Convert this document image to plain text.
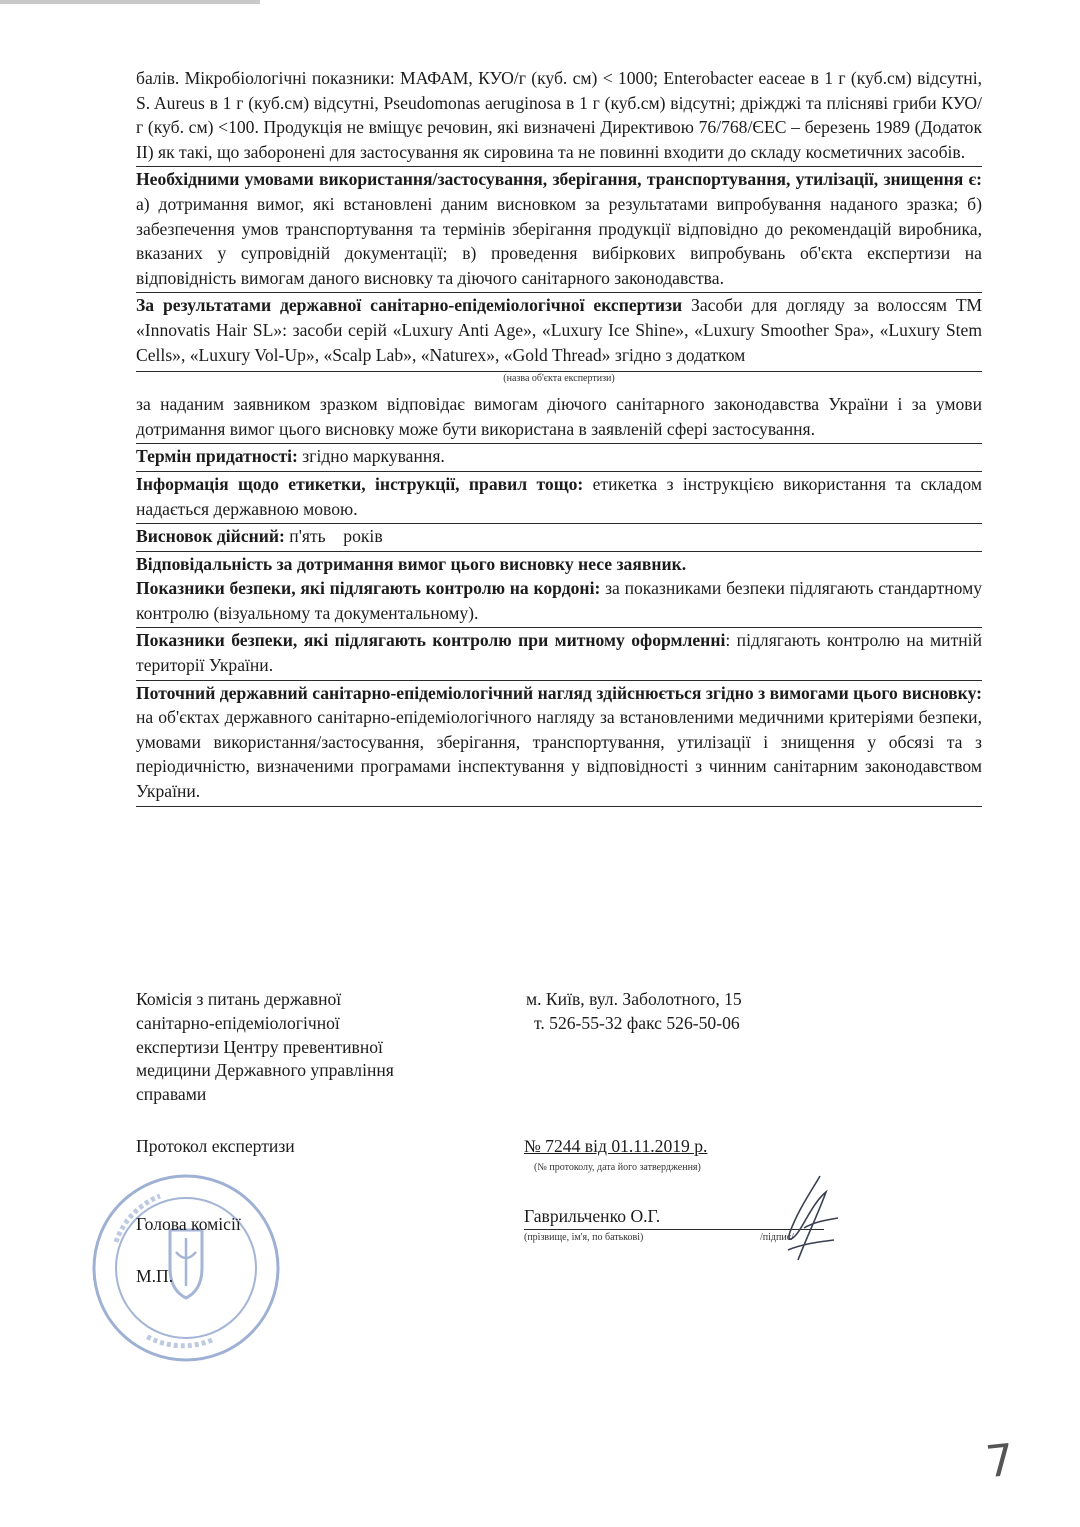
балів. Мікробіологічні показники: МАФАМ, КУО/г (куб. см) < 1000; Enterobacter eaceae в 1 г (куб.см) відсутні, S. Aureus в 1 г (куб.см) відсутні, Pseudomonas aeruginosa в 1 г (куб.см) відсутні; дріжджі та плісняві гриби КУО/г (куб. см) <100. Продукція не вміщує речовин, які визначені Директивою 76/768/ЄЕС – березень 1989 (Додаток II) як такі, що заборонені для застосування як сировина та не повинні входити до складу косметичних засобів.

Необхідними умовами використання/застосування, зберігання, транспортування, утилізації, знищення є: а) дотримання вимог, які встановлені даним висновком за результатами випробування наданого зразка; б) забезпечення умов транспортування та термінів зберігання продукції відповідно до рекомендацій виробника, вказаних у супровідній документації; в) проведення вибіркових випробувань об'єкта експертизи на відповідність вимогам даного висновку та діючого санітарного законодавства.

За результатами державної санітарно-епідеміологічної експертизи Засоби для догляду за волоссям ТМ «Innovatis Hair SL»: засоби серій «Luxury Anti Age», «Luxury Ice Shine», «Luxury Smoother Spa», «Luxury Stem Cells», «Luxury Vol-Up», «Scalp Lab», «Naturex», «Gold Thread» згідно з додатком

(назва об'єкта експертизи)

за наданим заявником зразком відповідає вимогам діючого санітарного законодавства України і за умови дотримання вимог цього висновку може бути використана в заявленій сфері застосування.

Термін придатності: згідно маркування.

Інформація щодо етикетки, інструкції, правил тощо: етикетка з інструкцією використання та складом надається державною мовою.

Висновок дійсний: п'ять    років

Відповідальність за дотримання вимог цього висновку несе заявник.

Показники безпеки, які підлягають контролю на кордоні: за показниками безпеки підлягають стандартному контролю (візуальному та документальному).

Показники безпеки, які підлягають контролю при митному оформленні: підлягають контролю на митній території України.

Поточний державний санітарно-епідеміологічний нагляд здійснюється згідно з вимогами цього висновку: на об'єктах державного санітарно-епідеміологічного нагляду за встановленими медичними критеріями безпеки, умовами використання/застосування, зберігання, транспортування, утилізації і знищення у обсязі та з періодичністю, визначеними програмами інспектування у відповідності з чинним санітарним законодавством України.

Комісія з питань державної
санітарно-епідеміологічної
експертизи Центру превентивної
медицини Державного управління
справами
м. Київ, вул. Заболотного, 15
т. 526-55-32 факс 526-50-06
Протокол експертизи	№ 7244 від 01.11.2019 р.
(№ протоколу, дата його затвердження)
Голова комісії
М.П.
Гаврильченко О.Г.
(прізвище, ім'я, по батькові)	/підпис/
7
